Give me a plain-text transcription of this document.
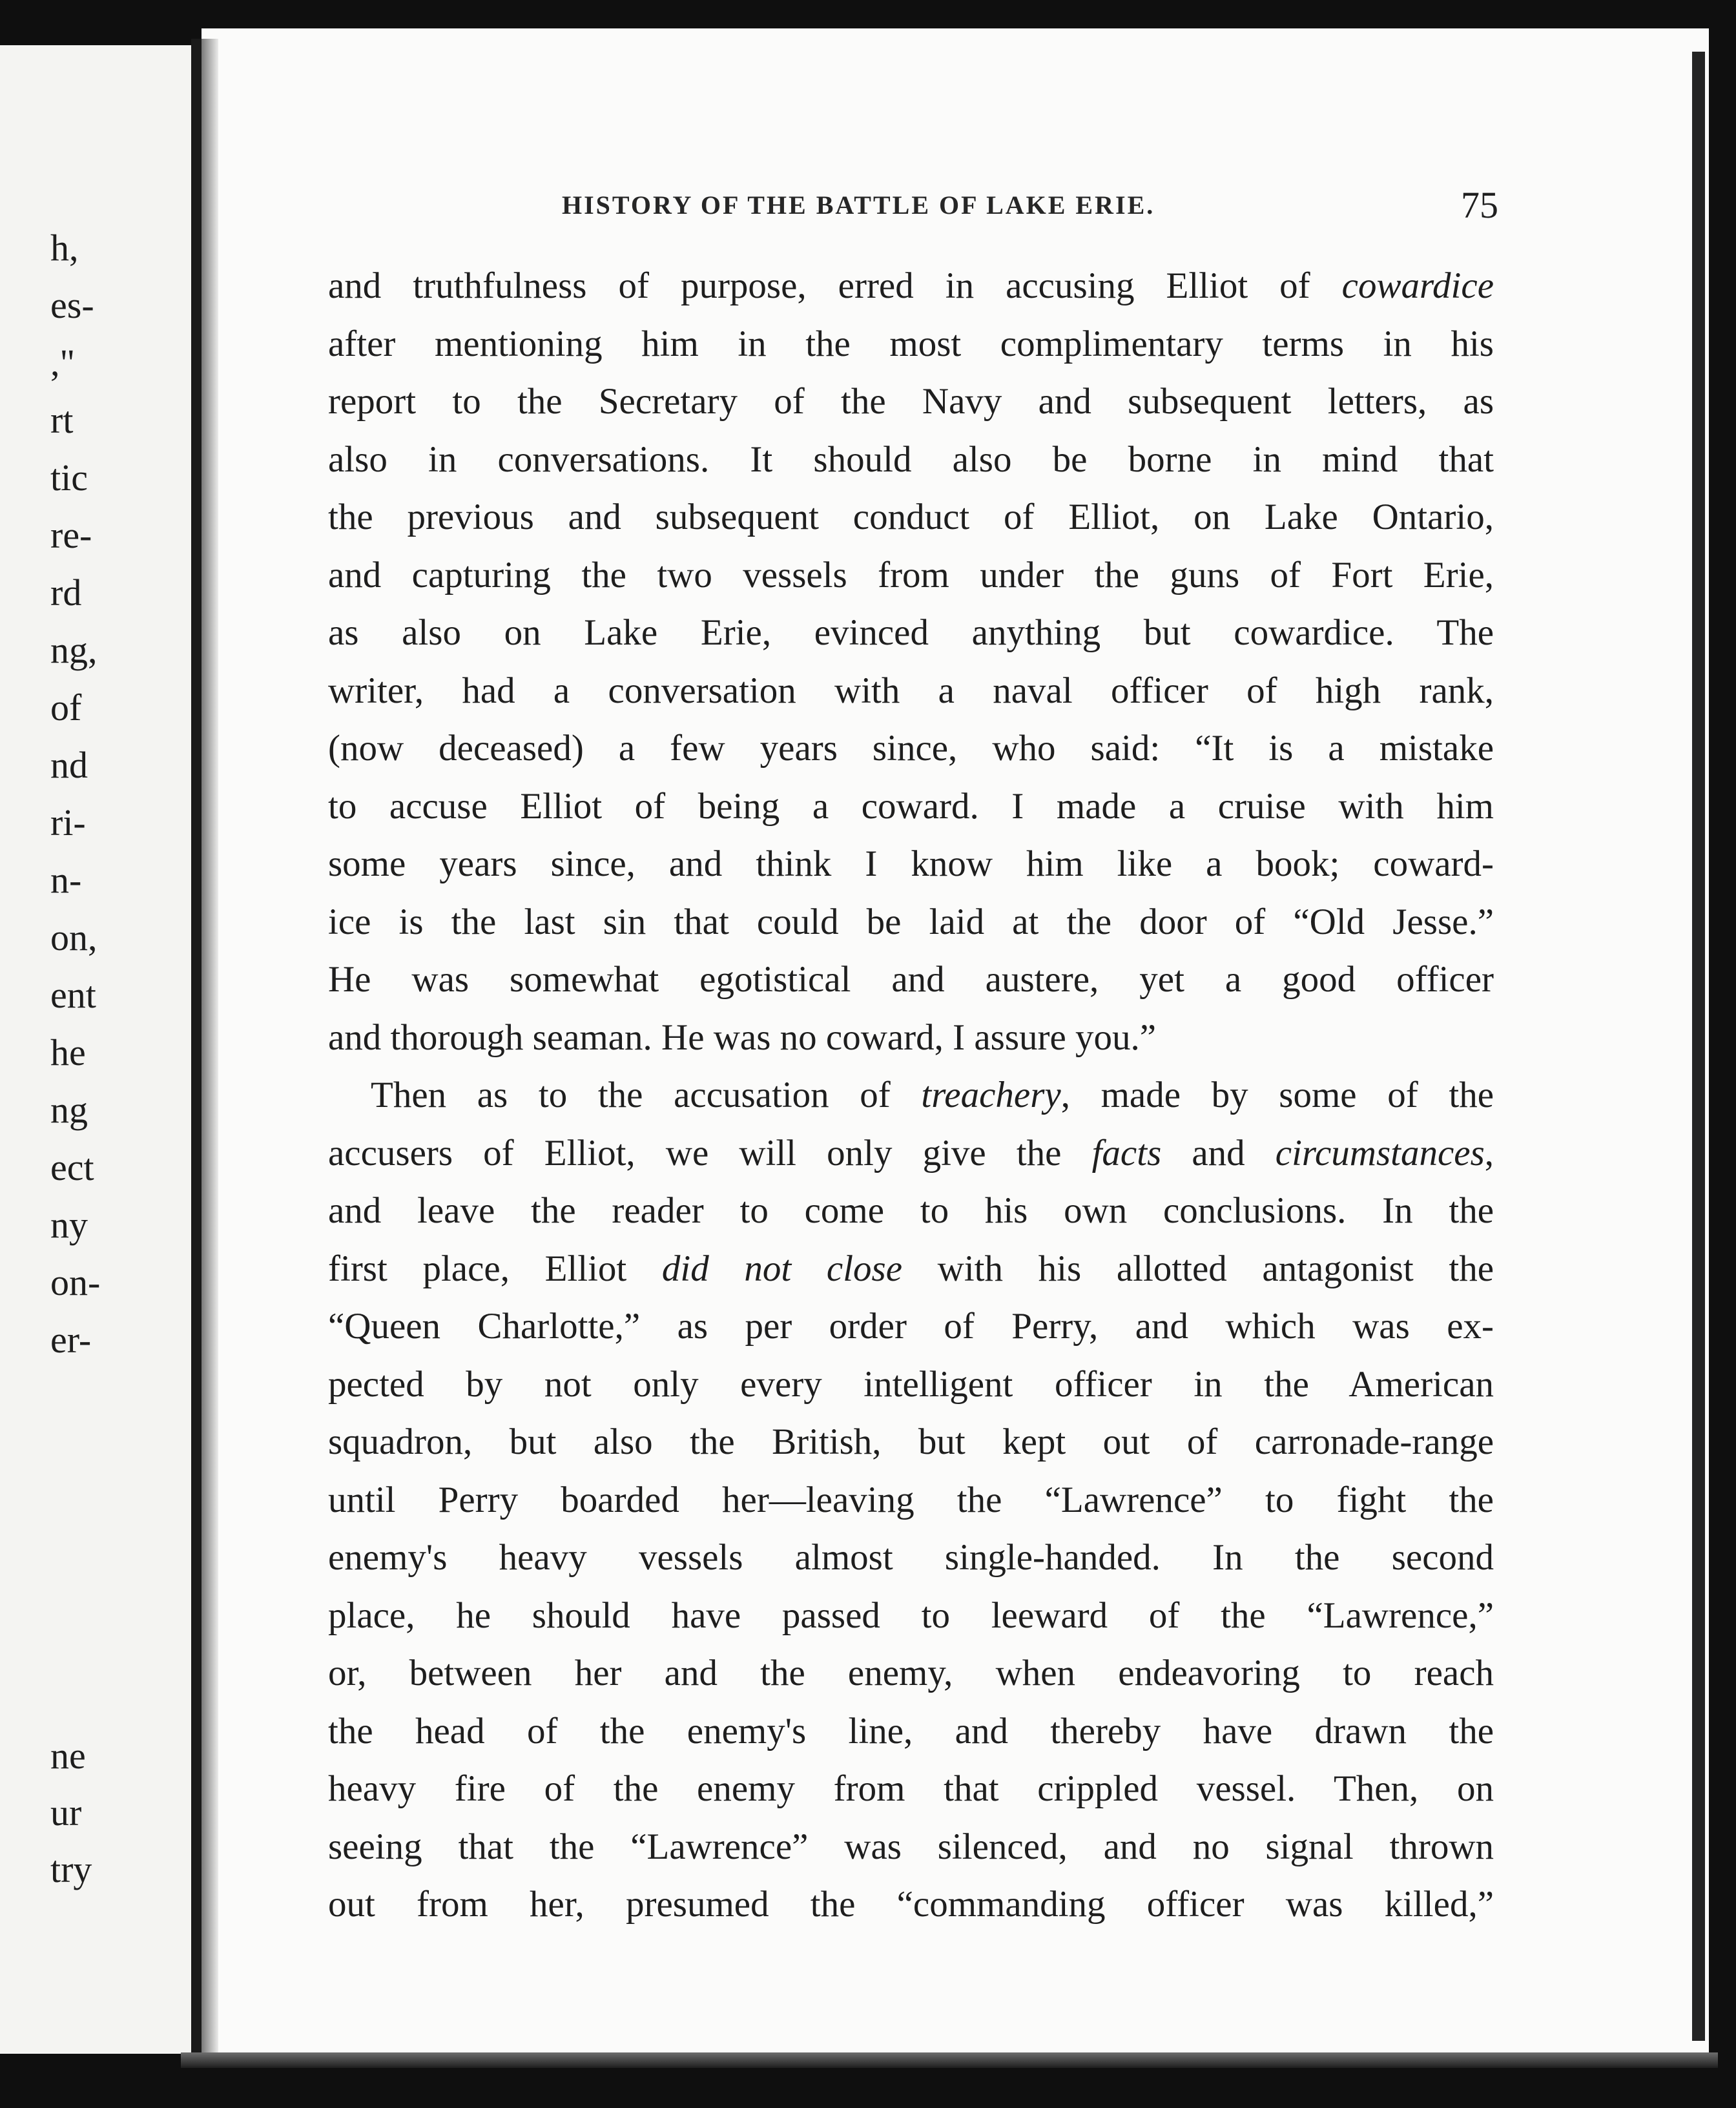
h,
es-
,"
rt
tic
re-
rd
ng,
of
nd
ri-
n-
on,
ent
he
ng
ect
ny
on-
er-
ne
ur
try
HISTORY OF THE BATTLE OF LAKE ERIE.	75
and truthfulness of purpose, erred in accusing Elliot of cowardice
after mentioning him in the most complimentary terms in his
report to the Secretary of the Navy and subsequent letters, as
also in conversations. It should also be borne in mind that
the previous and subsequent conduct of Elliot, on Lake Ontario,
and capturing the two vessels from under the guns of Fort Erie,
as also on Lake Erie, evinced anything but cowardice. The
writer, had a conversation with a naval officer of high rank,
(now deceased) a few years since, who said: “It is a mistake
to accuse Elliot of being a coward. I made a cruise with him
some years since, and think I know him like a book; coward-
ice is the last sin that could be laid at the door of “Old Jesse.”
He was somewhat egotistical and austere, yet a good officer
and thorough seaman. He was no coward, I assure you.”
Then as to the accusation of treachery, made by some of the
accusers of Elliot, we will only give the facts and circumstances,
and leave the reader to come to his own conclusions. In the
first place, Elliot did not close with his allotted antagonist the
“Queen Charlotte,” as per order of Perry, and which was ex-
pected by not only every intelligent officer in the American
squadron, but also the British, but kept out of carronade-range
until Perry boarded her—leaving the “Lawrence” to fight the
enemy's heavy vessels almost single-handed. In the second
place, he should have passed to leeward of the “Lawrence,”
or, between her and the enemy, when endeavoring to reach
the head of the enemy's line, and thereby have drawn the
heavy fire of the enemy from that crippled vessel. Then, on
seeing that the “Lawrence” was silenced, and no signal thrown
out from her, presumed the “commanding officer was killed,”
